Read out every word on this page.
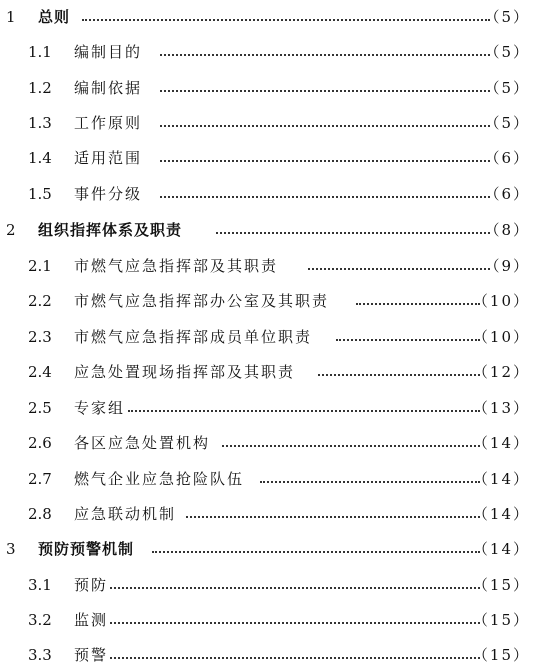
1 总则	（5）
1.1 编制目的	（5）
1.2 编制依据	（5）
1.3 工作原则	（5）
1.4 适用范围	（6）
1.5 事件分级	（6）
2 组织指挥体系及职责	（8）
2.1 市燃气应急指挥部及其职责	（9）
2.2 市燃气应急指挥部办公室及其职责	（10）
2.3 市燃气应急指挥部成员单位职责	（10）
2.4 应急处置现场指挥部及其职责	（12）
2.5 专家组	（13）
2.6 各区应急处置机构	（14）
2.7 燃气企业应急抢险队伍	（14）
2.8 应急联动机制	（14）
3 预防预警机制	（14）
3.1 预防	（15）
3.2 监测	（15）
3.3 预警	（15）
